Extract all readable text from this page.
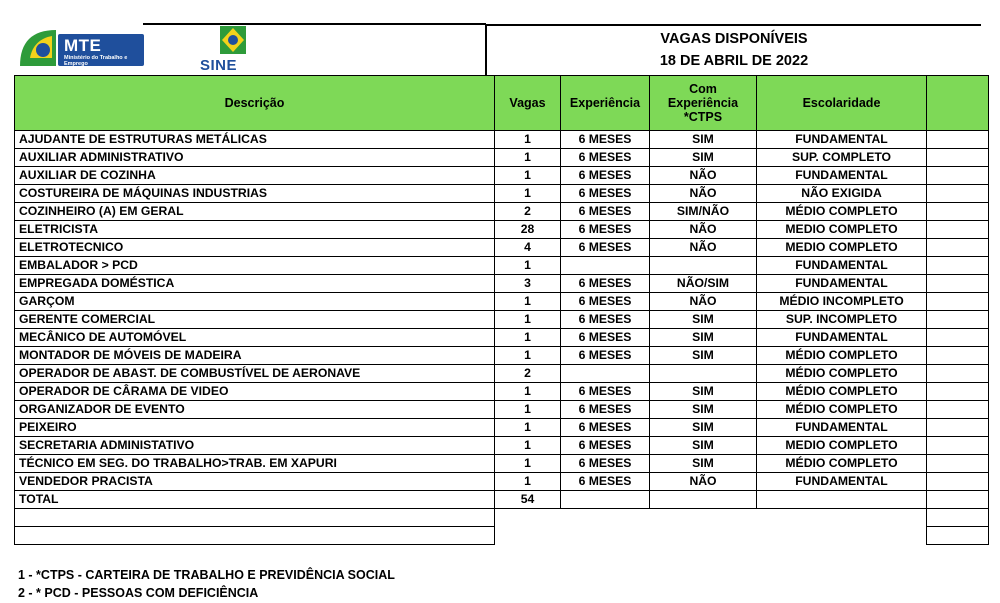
MTE
Ministério do Trabalho e Emprego	SINE
VAGAS DISPONÍVEIS
18 DE ABRIL DE 2022
Descrição	Vagas	Experiência	Com Experiência *CTPS	Escolaridade	
AJUDANTE DE ESTRUTURAS METÁLICAS	1	6 MESES	SIM	FUNDAMENTAL	
AUXILIAR ADMINISTRATIVO	1	6 MESES	SIM	SUP. COMPLETO	
AUXILIAR DE COZINHA	1	6 MESES	NÃO	FUNDAMENTAL	
COSTUREIRA DE MÁQUINAS INDUSTRIAS	1	6 MESES	NÃO	NÃO EXIGIDA	
COZINHEIRO (A) EM GERAL	2	6 MESES	SIM/NÃO	MÉDIO COMPLETO	
ELETRICISTA	28	6 MESES	NÃO	MEDIO COMPLETO	
ELETROTECNICO	4	6 MESES	NÃO	MEDIO COMPLETO	
EMBALADOR > PCD	1			FUNDAMENTAL	
EMPREGADA DOMÉSTICA	3	6 MESES	NÃO/SIM	FUNDAMENTAL	
GARÇOM	1	6 MESES	NÃO	MÉDIO INCOMPLETO	
GERENTE COMERCIAL	1	6 MESES	SIM	SUP. INCOMPLETO	
MECÂNICO DE AUTOMÓVEL	1	6 MESES	SIM	FUNDAMENTAL	
MONTADOR DE MÓVEIS DE MADEIRA	1	6 MESES	SIM	MÉDIO COMPLETO	
OPERADOR DE ABAST. DE COMBUSTÍVEL DE AERONAVE	2			MÉDIO COMPLETO	
OPERADOR DE CÂRAMA DE VIDEO	1	6 MESES	SIM	MÉDIO COMPLETO	
ORGANIZADOR DE EVENTO	1	6 MESES	SIM	MÉDIO COMPLETO	
PEIXEIRO	1	6 MESES	SIM	FUNDAMENTAL	
SECRETARIA ADMINISTATIVO	1	6 MESES	SIM	MEDIO COMPLETO	
TÉCNICO EM SEG. DO TRABALHO>TRAB. EM XAPURI	1	6 MESES	SIM	MÉDIO COMPLETO	
VENDEDOR PRACISTA	1	6 MESES	NÃO	FUNDAMENTAL	
TOTAL	54				

1 - *CTPS - CARTEIRA DE TRABALHO E PREVIDÊNCIA SOCIAL
2 - * PCD - PESSOAS COM DEFICIÊNCIA
